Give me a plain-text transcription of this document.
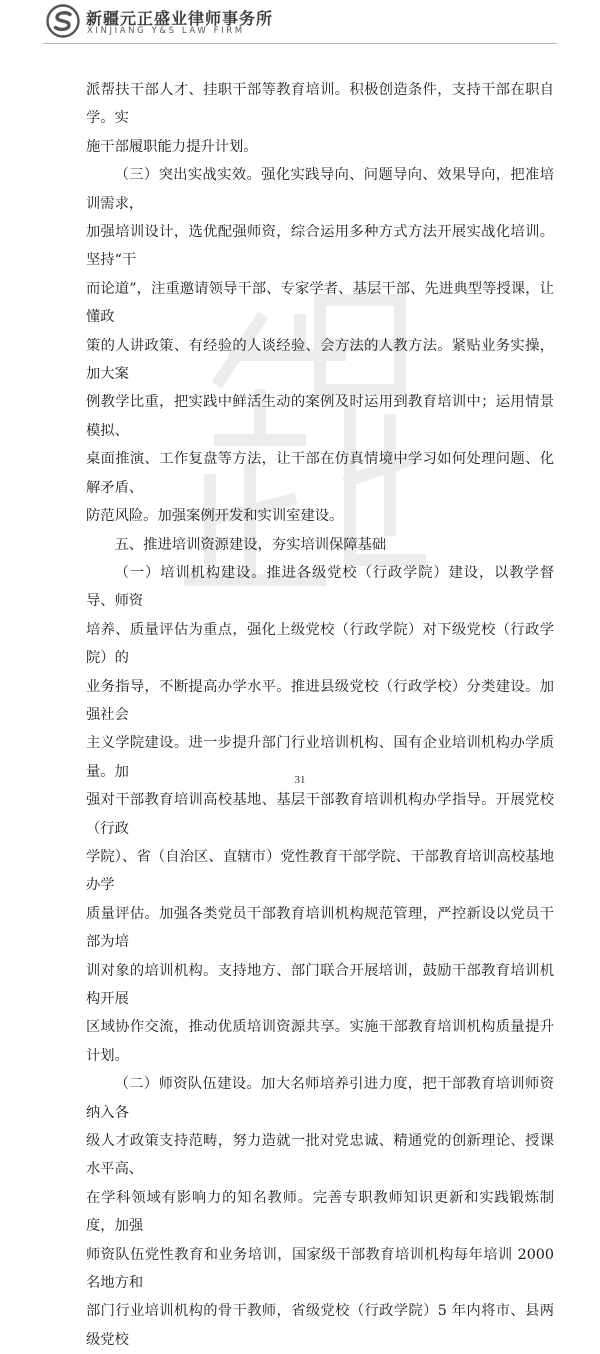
新疆元正盛业律师事务所
XINJIANG Y&S LAW FIRM

派帮扶干部人才、挂职干部等教育培训。积极创造条件，支持干部在职自学。实
施干部履职能力提升计划。

（三）突出实战实效。强化实践导向、问题导向、效果导向，把准培训需求，
加强培训设计，选优配强师资，综合运用多种方式方法开展实战化培训。坚持“干
而论道”，注重邀请领导干部、专家学者、基层干部、先进典型等授课，让懂政
策的人讲政策、有经验的人谈经验、会方法的人教方法。紧贴业务实操，加大案
例教学比重，把实践中鲜活生动的案例及时运用到教育培训中；运用情景模拟、
桌面推演、工作复盘等方法，让干部在仿真情境中学习如何处理问题、化解矛盾、
防范风险。加强案例开发和实训室建设。

五、推进培训资源建设，夯实培训保障基础

（一）培训机构建设。推进各级党校（行政学院）建设，以教学督导、师资
培养、质量评估为重点，强化上级党校（行政学院）对下级党校（行政学院）的
业务指导，不断提高办学水平。推进县级党校（行政学校）分类建设。加强社会
主义学院建设。进一步提升部门行业培训机构、国有企业培训机构办学质量。加
强对干部教育培训高校基地、基层干部教育培训机构办学指导。开展党校（行政
学院）、省（自治区、直辖市）党性教育干部学院、干部教育培训高校基地办学
质量评估。加强各类党员干部教育培训机构规范管理，严控新设以党员干部为培
训对象的培训机构。支持地方、部门联合开展培训，鼓励干部教育培训机构开展
区域协作交流，推动优质培训资源共享。实施干部教育培训机构质量提升计划。

（二）师资队伍建设。加大名师培养引进力度，把干部教育培训师资纳入各
级人才政策支持范畴，努力造就一批对党忠诚、精通党的创新理论、授课水平高、
在学科领域有影响力的知名教师。完善专职教师知识更新和实践锻炼制度，加强
师资队伍党性教育和业务培训，国家级干部教育培训机构每年培训 2000 名地方和
部门行业培训机构的骨干教师，省级党校（行政学院）5 年内将市、县两级党校

31
